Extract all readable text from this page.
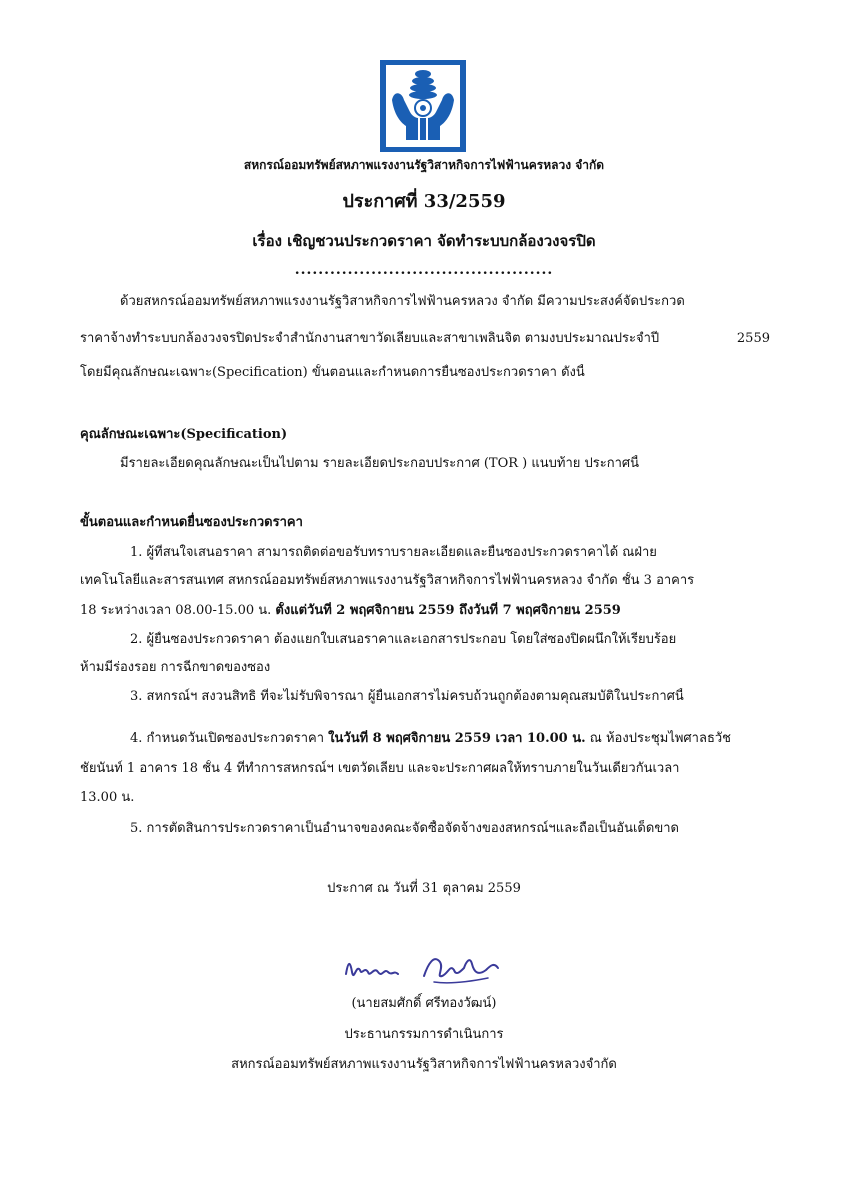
สหกรณ์ออมทรัพย์สหภาพแรงงานรัฐวิสาหกิจการไฟฟ้านครหลวง จำกัด
ประกาศที่ 33/2559
เรื่อง เชิญชวนประกวดราคา จัดทำระบบกล้องวงจรปิด
............................................
ด้วยสหกรณ์ออมทรัพย์สหภาพแรงงานรัฐวิสาหกิจการไฟฟ้านครหลวง จำกัด มีความประสงค์จัดประกวด
ราคาจ้างทำระบบกล้องวงจรปิดประจำสำนักงานสาขาวัดเลียบและสาขาเพลินจิต ตามงบประมาณประจำปี	2559
โดยมีคุณลักษณะเฉพาะ(Specification) ขั้นตอนและกำหนดการยื่นซองประกวดราคา ดังนี้
คุณลักษณะเฉพาะ(Specification)
มีรายละเอียดคุณลักษณะเป็นไปตาม รายละเอียดประกอบประกาศ (TOR ) แนบท้าย ประกาศนี้
ขั้นตอนและกำหนดยื่นซองประกวดราคา
1. ผู้ที่สนใจเสนอราคา สามารถติดต่อขอรับทราบรายละเอียดและยื่นซองประกวดราคาได้ ณฝ่าย
เทคโนโลยีและสารสนเทศ สหกรณ์ออมทรัพย์สหภาพแรงงานรัฐวิสาหกิจการไฟฟ้านครหลวง จำกัด ชั้น 3 อาคาร
18 ระหว่างเวลา 08.00-15.00 น. ตั้งแต่วันที่ 2 พฤศจิกายน 2559 ถึงวันที่ 7 พฤศจิกายน 2559
2. ผู้ยื่นซองประกวดราคา ต้องแยกใบเสนอราคาและเอกสารประกอบ โดยใส่ซองปิดผนึกให้เรียบร้อย
ห้ามมีร่องรอย การฉีกขาดของซอง
3. สหกรณ์ฯ สงวนสิทธิ ที่จะไม่รับพิจารณา ผู้ยื่นเอกสารไม่ครบถ้วนถูกต้องตามคุณสมบัติในประกาศนี้
4. กำหนดวันเปิดซองประกวดราคา ในวันที่ 8 พฤศจิกายน 2559 เวลา 10.00 น. ณ ห้องประชุมไพศาลธวัช
ชัยนันท์ 1 อาคาร 18 ชั้น 4 ที่ทำการสหกรณ์ฯ เขตวัดเลียบ และจะประกาศผลให้ทราบภายในวันเดียวกันเวลา
13.00 น.
5. การตัดสินการประกวดราคาเป็นอำนาจของคณะจัดซื้อจัดจ้างของสหกรณ์ฯและถือเป็นอันเด็ดขาด
ประกาศ ณ วันที่ 31 ตุลาคม 2559
(นายสมศักดิ์ ศรีทองวัฒน์)
ประธานกรรมการดำเนินการ
สหกรณ์ออมทรัพย์สหภาพแรงงานรัฐวิสาหกิจการไฟฟ้านครหลวงจำกัด
